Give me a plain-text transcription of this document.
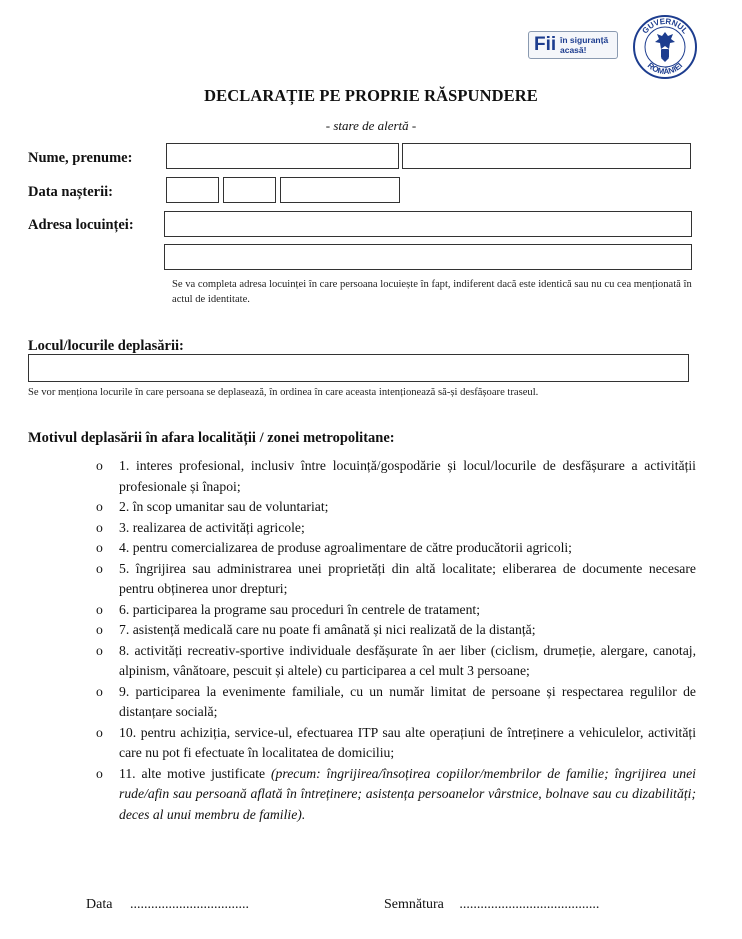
Fii în siguranță acasă!
GUVERNUL
ROMÂNIEI
DECLARAȚIE PE PROPRIE RĂSPUNDERE
- stare de alertă -
Nume, prenume:
Data nașterii:
Adresa locuinței:
Se va completa adresa locuinței în care persoana locuiește în fapt, indiferent dacă este identică sau nu cu cea menționată în actul de identitate.
Locul/locurile deplasării:
Se vor menționa locurile în care persoana se deplasează, în ordinea în care aceasta intenționează să-și desfășoare traseul.
Motivul deplasării în afara localității / zonei metropolitane:
o 1. interes profesional, inclusiv între locuință/gospodărie și locul/locurile de desfășurare a activității profesionale și înapoi;
o 2. în scop umanitar sau de voluntariat;
o 3. realizarea de activități agricole;
o 4. pentru comercializarea de produse agroalimentare de către producătorii agricoli;
o 5. îngrijirea sau administrarea unei proprietăți din altă localitate; eliberarea de documente necesare pentru obținerea unor drepturi;
o 6. participarea la programe sau proceduri în centrele de tratament;
o 7. asistență medicală care nu poate fi amânată și nici realizată de la distanță;
o 8. activități recreativ-sportive individuale desfășurate în aer liber (ciclism, drumeție, alergare, canotaj, alpinism, vânătoare, pescuit și altele) cu participarea a cel mult 3 persoane;
o 9. participarea la evenimente familiale, cu un număr limitat de persoane și respectarea regulilor de distanțare socială;
o 10. pentru achiziția, service-ul, efectuarea ITP sau alte operațiuni de întreținere a vehiculelor, activități care nu pot fi efectuate în localitatea de domiciliu;
o 11. alte motive justificate (precum: îngrijirea/însoțirea copiilor/membrilor de familie; îngrijirea unei rude/afin sau persoană aflată în întreținere; asistența persoanelor vârstnice, bolnave sau cu dizabilități; deces al unui membru de familie).
Data ..................................	Semnătura ........................................
